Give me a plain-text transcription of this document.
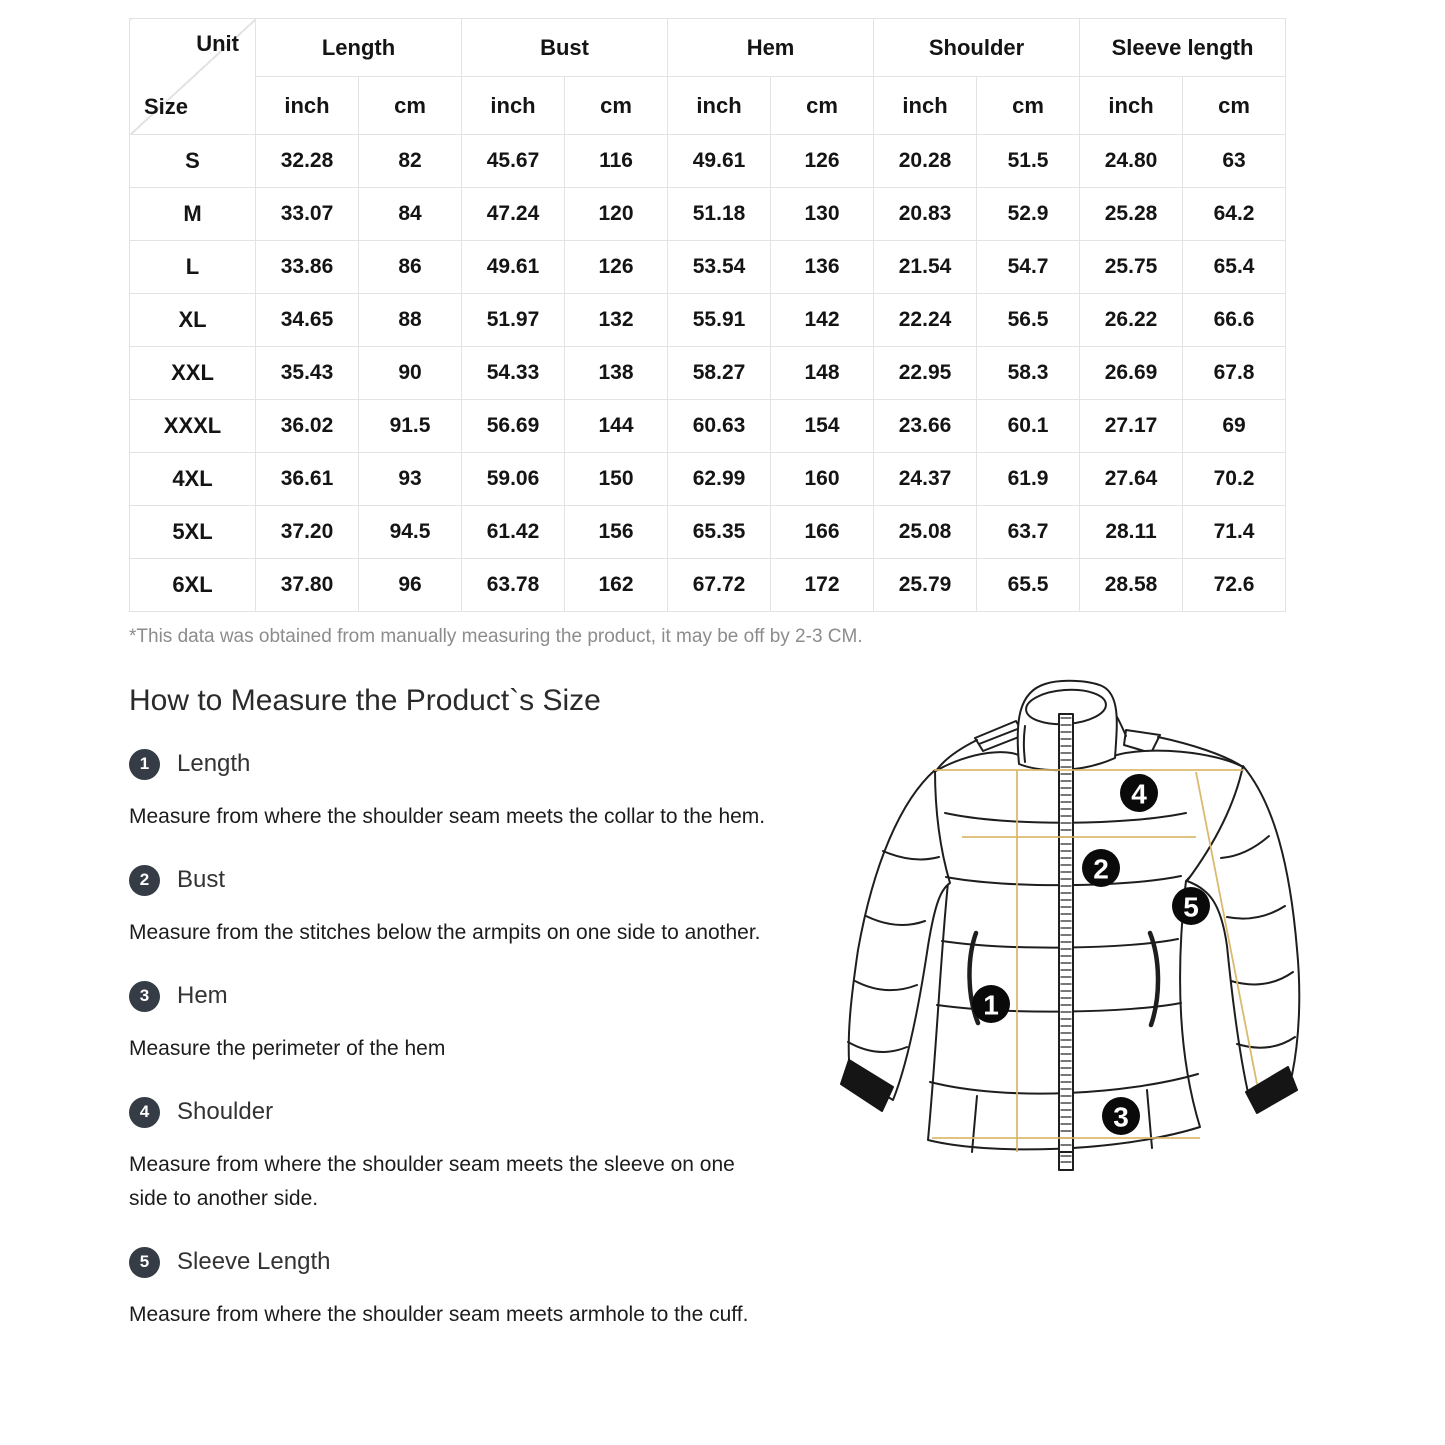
Unit
Size	Length		Bust		Hem		Shoulder		Sleeve length	
	inch	cm	inch	cm	inch	cm	inch	cm	inch	cm
S	32.28	82	45.67	116	49.61	126	20.28	51.5	24.80	63
M	33.07	84	47.24	120	51.18	130	20.83	52.9	25.28	64.2
L	33.86	86	49.61	126	53.54	136	21.54	54.7	25.75	65.4
XL	34.65	88	51.97	132	55.91	142	22.24	56.5	26.22	66.6
XXL	35.43	90	54.33	138	58.27	148	22.95	58.3	26.69	67.8
XXXL	36.02	91.5	56.69	144	60.63	154	23.66	60.1	27.17	69
4XL	36.61	93	59.06	150	62.99	160	24.37	61.9	27.64	70.2
5XL	37.20	94.5	61.42	156	65.35	166	25.08	63.7	28.11	71.4
6XL	37.80	96	63.78	162	67.72	172	25.79	65.5	28.58	72.6
*This data was obtained from manually measuring the product, it may be off by 2-3 CM.
How to Measure the Product`s Size
1	Length

Measure from where the shoulder seam meets the collar to the hem.

2	Bust

Measure from the stitches below the armpits on one side to another.

3	Hem

Measure the perimeter of the hem

4	Shoulder

Measure from where the shoulder seam meets the sleeve on one side to another side.

5	Sleeve Length

Measure from where the shoulder seam meets armhole to the cuff.

1
2
3
4
5
